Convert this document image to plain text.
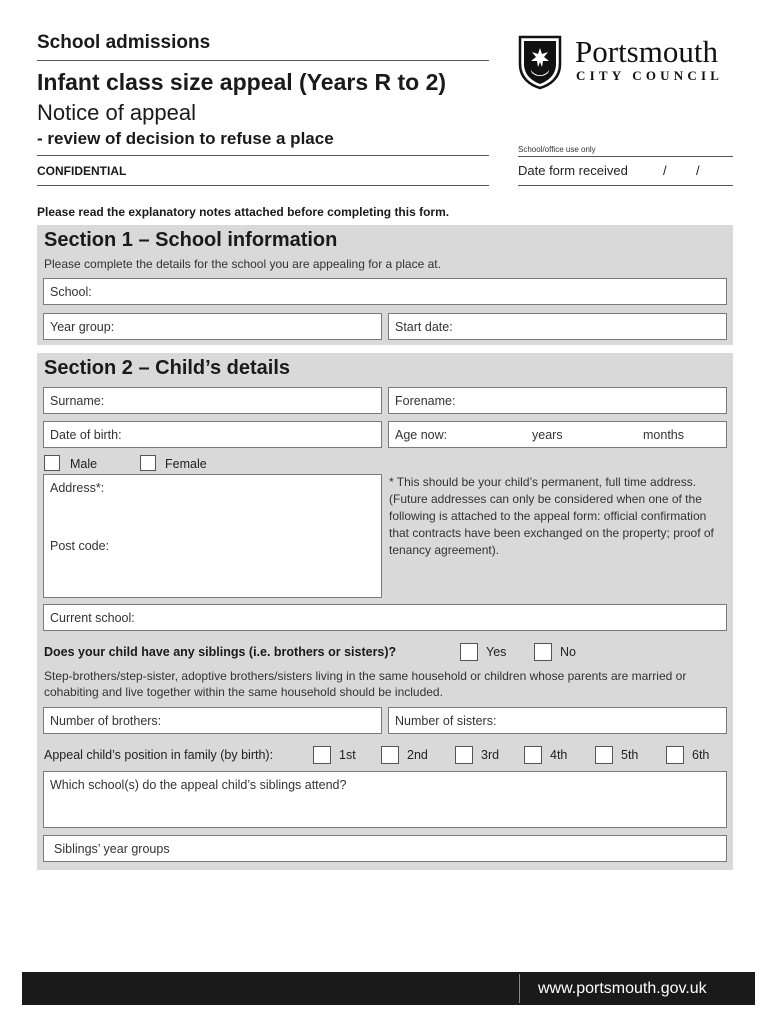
School admissions
Infant class size appeal (Years R to 2)
Notice of appeal
- review of decision to refuse a place
CONFIDENTIAL
School/office use only
Date form received	/ /
Portsmouth
CITY COUNCIL
Please read the explanatory notes attached before completing this form.
Section 1 – School information
Please complete the details for the school you are appealing for a place at.
School:
Year group:	Start date:
Section 2 – Child’s details
Surname:	Forename:
Date of birth:	Age now:	years	months
Male	Female
Address*:
Post code:
* This should be your child’s permanent, full time address. (Future addresses can only be considered when one of the following is attached to the appeal form: official confirmation that contracts have been exchanged on the property; proof of tenancy agreement).
Current school:
Does your child have any siblings (i.e. brothers or sisters)?	Yes	No
Step-brothers/step-sister, adoptive brothers/sisters living in the same household or children whose parents are married or cohabiting and live together within the same household should be included.
Number of brothers:	Number of sisters:
Appeal child’s position in family (by birth):	1st	2nd	3rd	4th	5th	6th
Which school(s) do the appeal child’s siblings attend?
Siblings’ year groups
www.portsmouth.gov.uk
